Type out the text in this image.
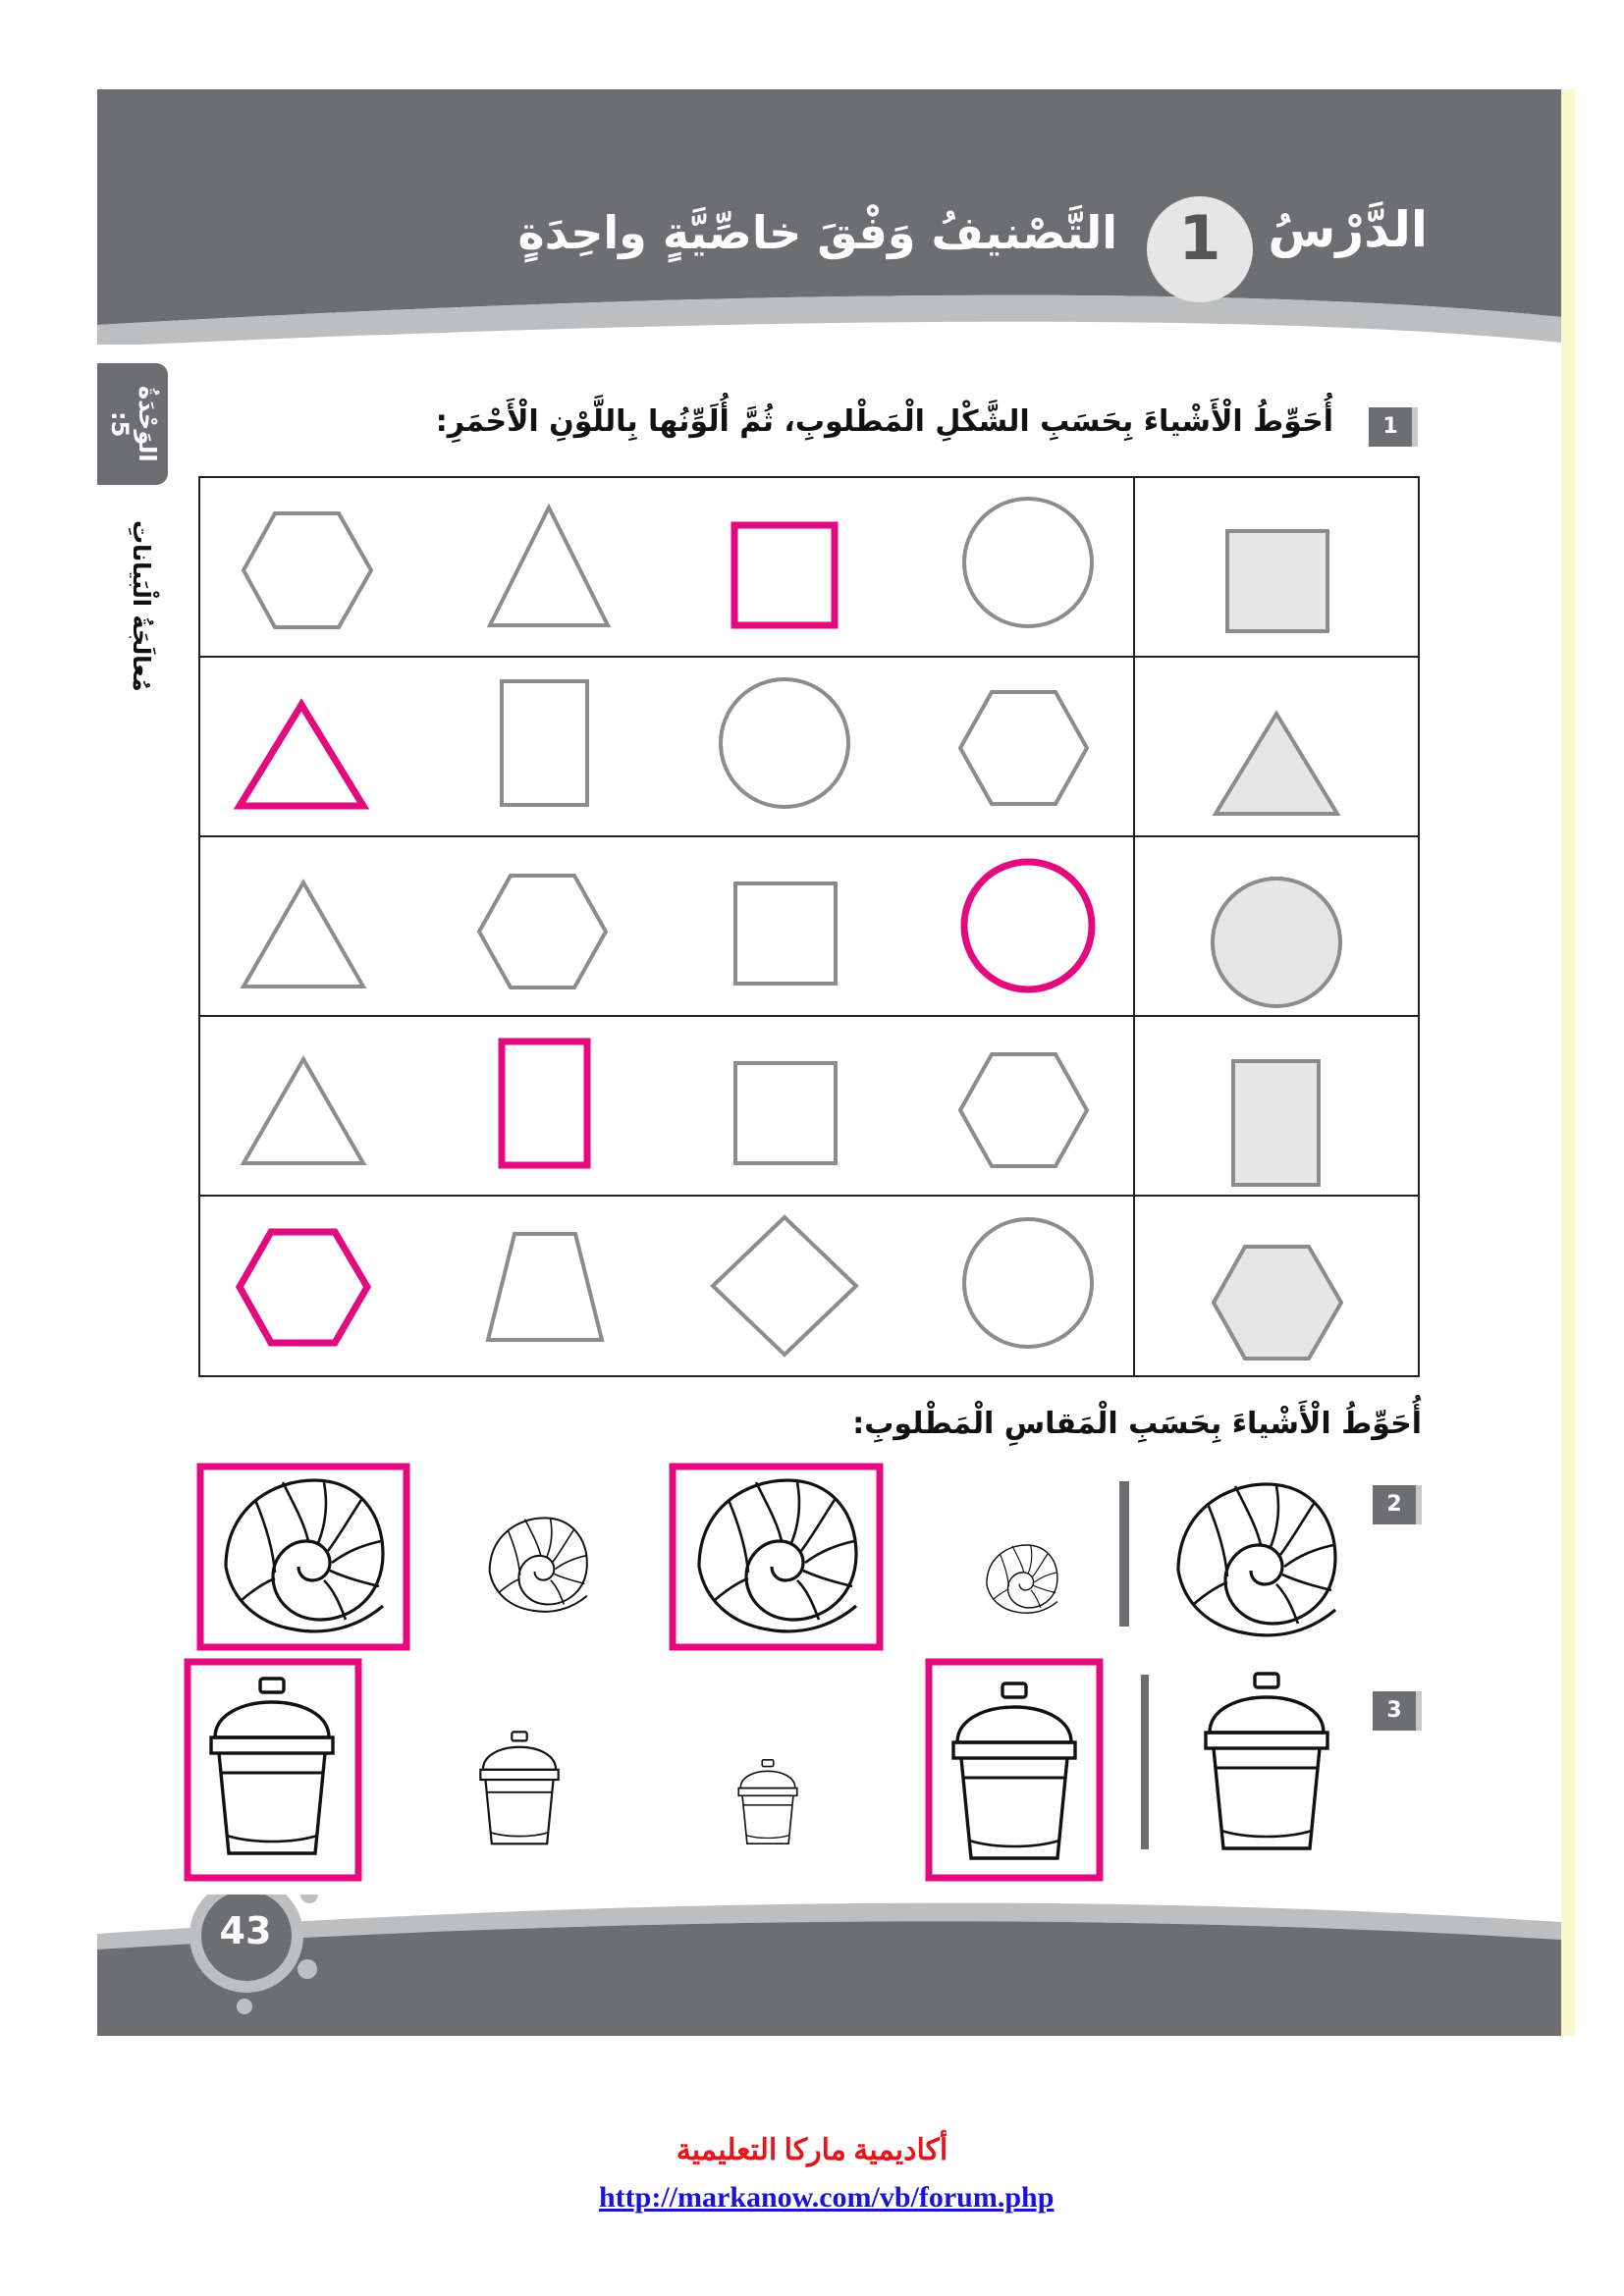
الدَّرْسُ
1
التَّصْنيفُ وَفْقَ خاصِّيَّةٍ واحِدَةٍ
الوَحْدَةُ 5:
مُعالَجَةُ الْبَياناتِ
1
أُحَوِّطُ الْأَشْياءَ بِحَسَبِ الشَّكْلِ الْمَطْلوبِ، ثُمَّ أُلَوِّنُها بِاللَّوْنِ الْأَحْمَرِ:
أُحَوِّطُ الْأَشْياءَ بِحَسَبِ الْمَقاسِ الْمَطْلوبِ:
2
3
43
أكاديمية ماركا التعليمية
http://markanow.com/vb/forum.php
